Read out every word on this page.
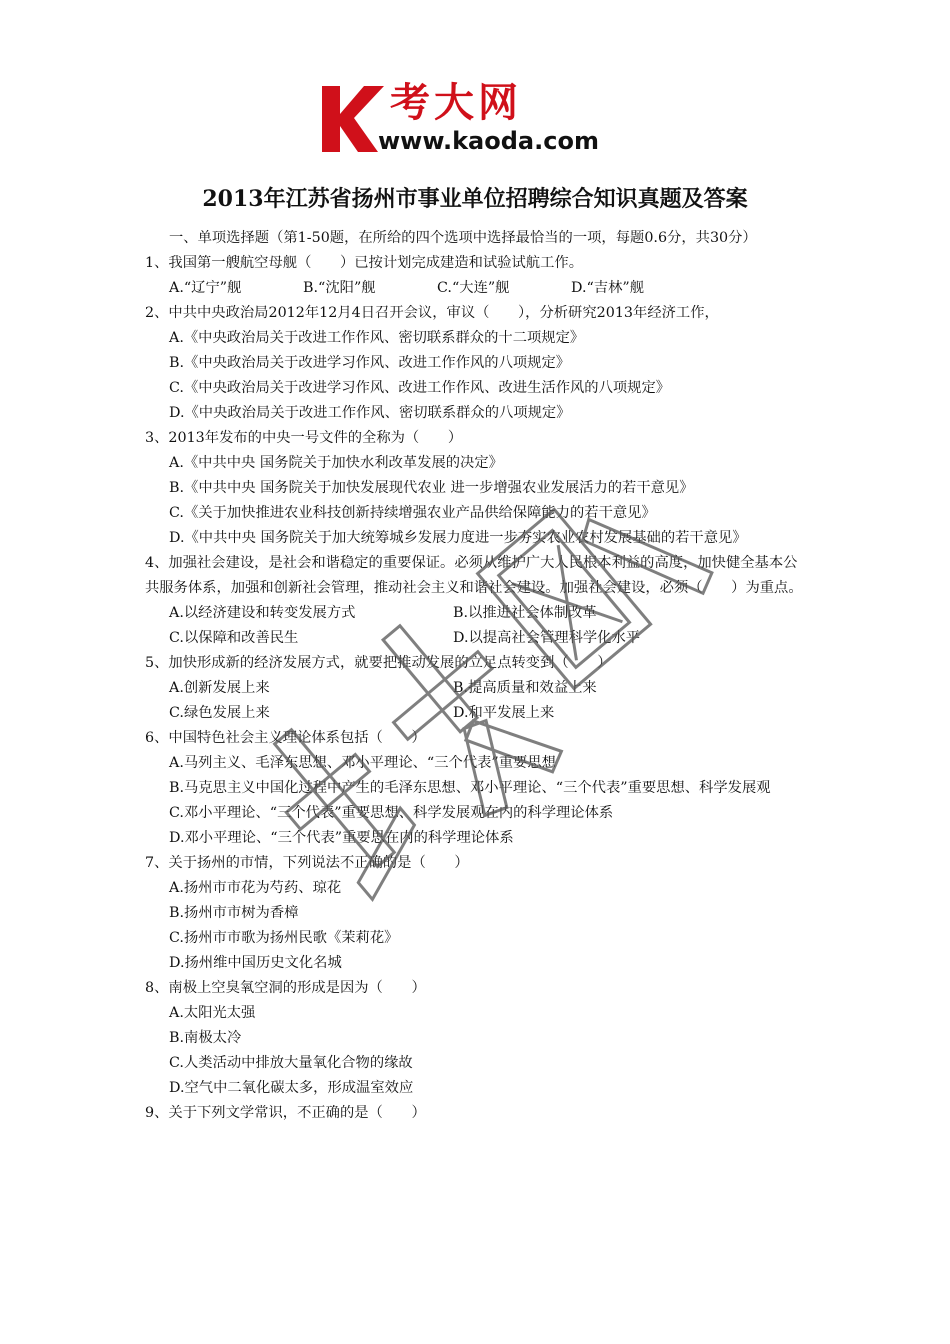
考大网
www.kaoda.com
2013年江苏省扬州市事业单位招聘综合知识真题及答案
一、单项选择题（第1-50题，在所给的四个选项中选择最恰当的一项，每题0.6分，共30分）
1、我国第一艘航空母舰（　　）已按计划完成建造和试验试航工作。
A.“辽宁”舰	B.“沈阳”舰	C.“大连”舰	D.“吉林”舰
2、中共中央政治局2012年12月4日召开会议，审议（　　），分析研究2013年经济工作，
A.《中央政治局关于改进工作作风、密切联系群众的十二项规定》
B.《中央政治局关于改进学习作风、改进工作作风的八项规定》
C.《中央政治局关于改进学习作风、改进工作作风、改进生活作风的八项规定》
D.《中央政治局关于改进工作作风、密切联系群众的八项规定》
3、2013年发布的中央一号文件的全称为（　　）
A.《中共中央 国务院关于加快水利改革发展的决定》
B.《中共中央 国务院关于加快发展现代农业 进一步增强农业发展活力的若干意见》
C.《关于加快推进农业科技创新持续增强农业产品供给保障能力的若干意见》
D.《中共中央 国务院关于加大统筹城乡发展力度进一步夯实农业农村发展基础的若干意见》
4、加强社会建设，是社会和谐稳定的重要保证。必须从维护广大人民根本利益的高度，加快健全基本公共服务体系，加强和创新社会管理，推动社会主义和谐社会建设。加强社会建设，必须（　　）为重点。
A.以经济建设和转变发展方式	B.以推进社会体制改革
C.以保障和改善民生	D.以提高社会管理科学化水平
5、加快形成新的经济发展方式，就要把推动发展的立足点转变到（　　）
A.创新发展上来	B.提高质量和效益上来
C.绿色发展上来	D.和平发展上来
6、中国特色社会主义理论体系包括（　　）
A.马列主义、毛泽东思想、邓小平理论、“三个代表”重要思想
B.马克思主义中国化过程中产生的毛泽东思想、邓小平理论、“三个代表”重要思想、科学发展观
C.邓小平理论、“三个代表”重要思想、科学发展观在内的科学理论体系
D.邓小平理论、“三个代表”重要思在内的科学理论体系
7、关于扬州的市情，下列说法不正确的是（　　）
A.扬州市市花为芍药、琼花
B.扬州市市树为香樟
C.扬州市市歌为扬州民歌《茉莉花》
D.扬州维中国历史文化名城
8、南极上空臭氧空洞的形成是因为（　　）
A.太阳光太强
B.南极太冷
C.人类活动中排放大量氧化合物的缘故
D.空气中二氧化碳太多，形成温室效应
9、关于下列文学常识，不正确的是（　　）
